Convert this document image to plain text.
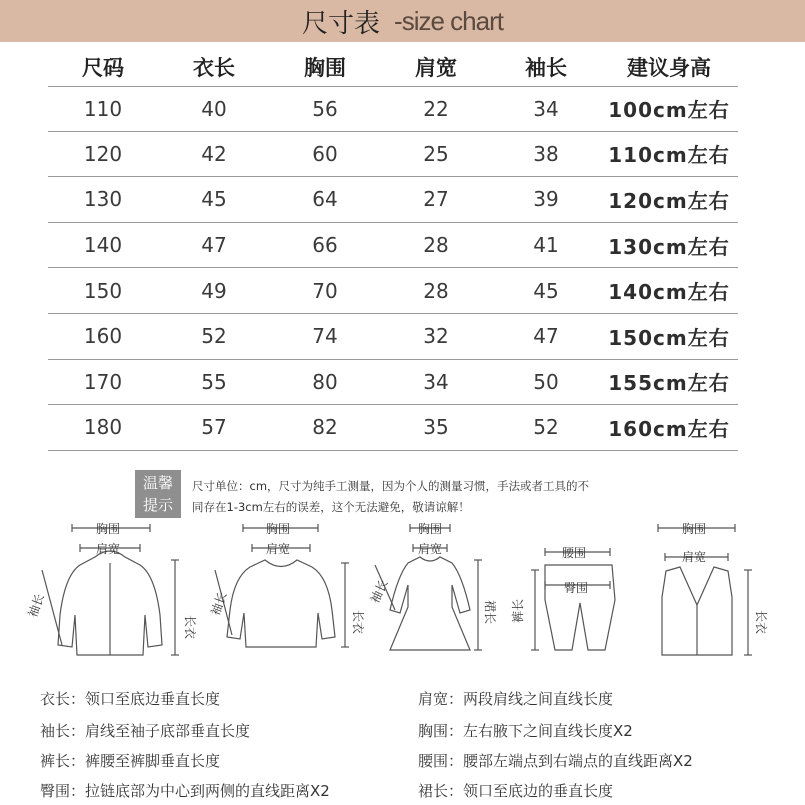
尺寸表 -size chart
尺码	衣长	胸围	肩宽	袖长	建议身高
110	40	56	22	34	100cm左右
120	42	60	25	38	110cm左右
130	45	64	27	39	120cm左右
140	47	66	28	41	130cm左右
150	49	70	28	45	140cm左右
160	52	74	32	47	150cm左右
170	55	80	34	50	155cm左右
180	57	82	35	52	160cm左右
温馨
提示
尺寸单位：cm，尺寸为纯手工测量，因为个人的测量习惯，手法或者工具的不
同存在1-3cm左右的误差，这个无法避免，敬请谅解！
胸围
肩宽
袖长
长衣
胸围
肩宽
袖长
长衣
胸围
肩宽
袖长
裙长
腰围
臀围
裤长
胸围
肩宽
长衣
衣长：领口至底边垂直长度	肩宽：两段肩线之间直线长度
袖长：肩线至袖子底部垂直长度	胸围：左右腋下之间直线长度X2
裤长：裤腰至裤脚垂直长度	腰围：腰部左端点到右端点的直线距离X2
臀围：拉链底部为中心到两侧的直线距离X2	裙长：领口至底边的垂直长度
